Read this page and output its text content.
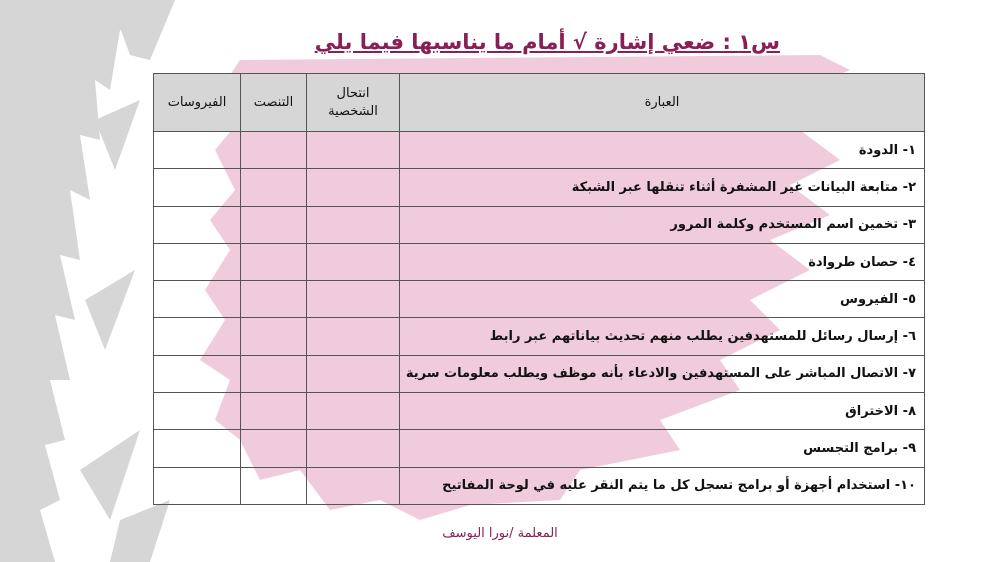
س١ : ضعي إشارة √ أمام ما يناسبها فيما يلي
العبارة	انتحال الشخصية	التنصت	الفيروسات
١- الدودة			
٢- متابعة البيانات غير المشفرة أثناء تنقلها عبر الشبكة			
٣- تخمين اسم المستخدم وكلمة المرور			
٤- حصان طروادة			
٥- الفيروس			
٦- إرسال رسائل للمستهدفين يطلب منهم تحديث بياناتهم عبر رابط			
٧- الاتصال المباشر على المستهدفين والادعاء بأنه موظف ويطلب معلومات سرية			
٨- الاختراق			
٩- برامج التجسس			
١٠- استخدام أجهزة أو برامج تسجل كل ما يتم النقر عليه في لوحة المفاتيح			
المعلمة /نورا اليوسف
